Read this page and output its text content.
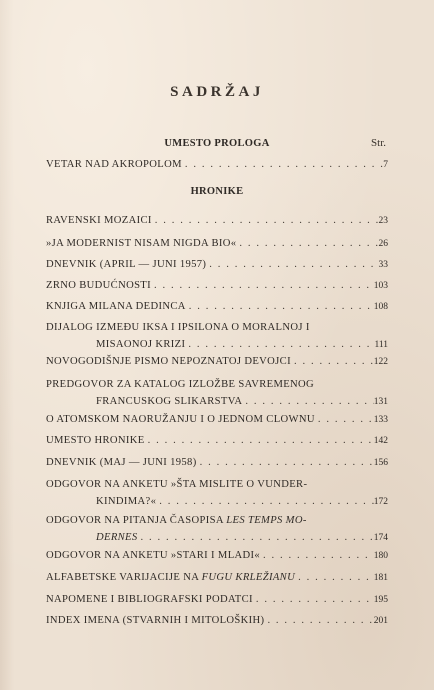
SADRŽAJ
UMESTO PROLOGA	Str.
VETAR NAD AKROPOLOM . . .	7
HRONIKE
RAVENSKI MOZAICI . . .	23
»JA MODERNIST NISAM NIGDA BIO« . . .	26
DNEVNIK (APRIL — JUNI 1957) . . .	33
ZRNO BUDUĆNOSTI . . .	103
KNJIGA MILANA DEDINCA . . .	108
DIJALOG IZMEĐU IKSA I IPSILONA O MORALNOJ I
MISAONOJ KRIZI . . .	111
NOVOGODIŠNJE PISMO NEPOZNATOJ DEVOJCI . . .	122
PREDGOVOR ZA KATALOG IZLOŽBE SAVREMENOG
FRANCUSKOG SLIKARSTVA . . .	131
O ATOMSKOM NAORUŽANJU I O JEDNOM CLOWNU . . .	133
UMESTO HRONIKE . . .	142
DNEVNIK (MAJ — JUNI 1958) . . .	156
ODGOVOR NA ANKETU »ŠTA MISLITE O VUNDER-
KINDIMA?« . . .	172
ODGOVOR NA PITANJA ČASOPISA LES TEMPS MO-
DERNES . . .	174
ODGOVOR NA ANKETU »STARI I MLADI« . . .	180
ALFABETSKE VARIJACIJE NA FUGU KRLEŽIANU . . .	181
NAPOMENE I BIBLIOGRAFSKI PODATCI . . .	195
INDEX IMENA (STVARNIH I MITOLOŠKIH) . . .	201
